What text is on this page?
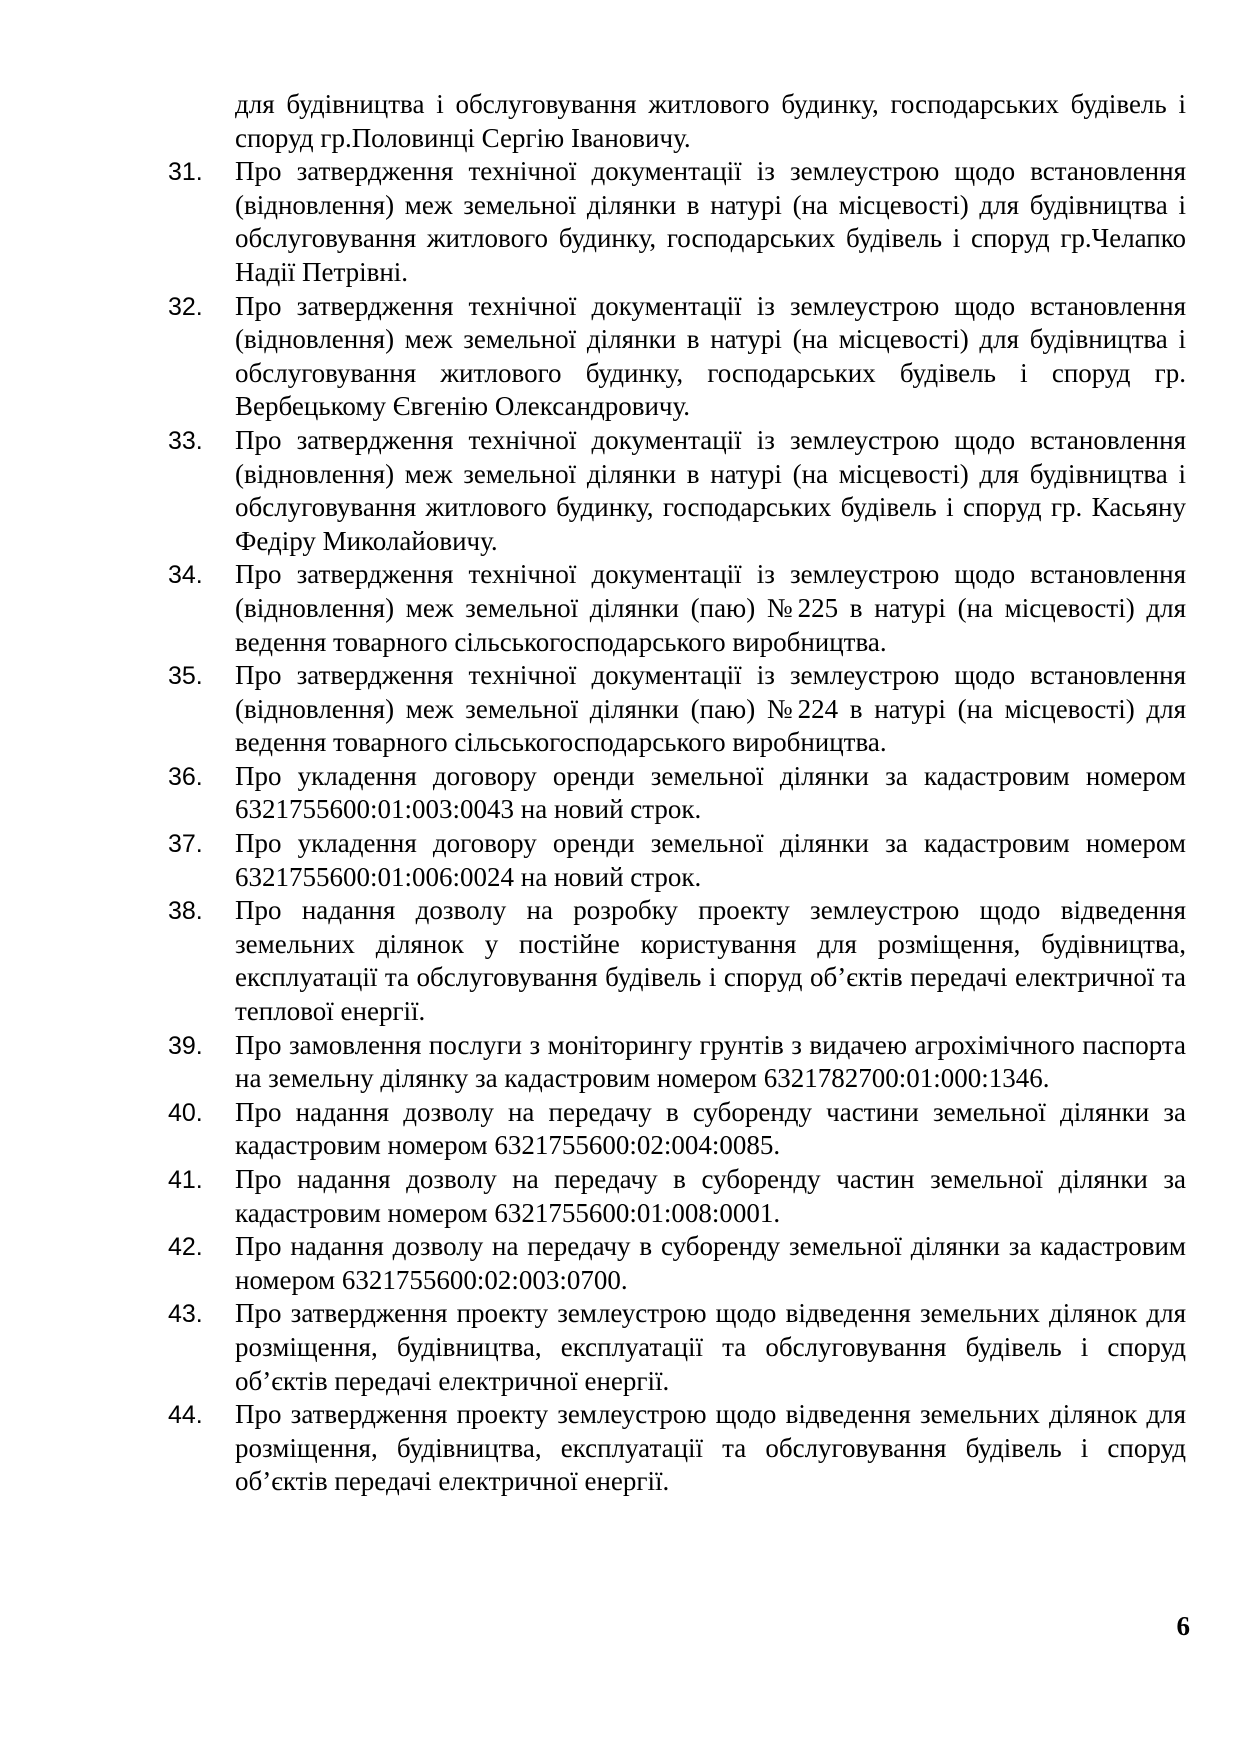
для будівництва і обслуговування житлового будинку, господарських будівель і споруд гр.Половинці Сергію Івановичу.
31.	Про затвердження технічної документації із землеустрою щодо встановлення (відновлення) меж земельної ділянки в натурі (на місцевості) для будівництва і обслуговування житлового будинку, господарських будівель і споруд гр.Челапко Надії Петрівні.
32.	Про затвердження технічної документації із землеустрою щодо встановлення (відновлення) меж земельної ділянки в натурі (на місцевості) для будівництва і обслуговування житлового будинку, господарських будівель і споруд гр. Вербецькому Євгенію Олександровичу.
33.	Про затвердження технічної документації із землеустрою щодо встановлення (відновлення) меж земельної ділянки в натурі (на місцевості) для будівництва і обслуговування житлового будинку, господарських будівель і споруд гр. Касьяну Федіру Миколайовичу.
34.	Про затвердження технічної документації із землеустрою щодо встановлення (відновлення) меж земельної ділянки (паю) №225 в натурі (на місцевості) для ведення товарного сільськогосподарського виробництва.
35.	Про затвердження технічної документації із землеустрою щодо встановлення (відновлення) меж земельної ділянки (паю) №224 в натурі (на місцевості) для ведення товарного сільськогосподарського виробництва.
36.	Про укладення договору оренди земельної ділянки за кадастровим номером 6321755600:01:003:0043 на новий строк.
37.	Про укладення договору оренди земельної ділянки за кадастровим номером 6321755600:01:006:0024 на новий строк.
38.	Про надання дозволу на розробку проекту землеустрою щодо відведення земельних ділянок у постійне користування для розміщення, будівництва, експлуатації та обслуговування будівель і споруд об’єктів передачі електричної та теплової енергії.
39.	Про замовлення послуги з моніторингу грунтів з видачею агрохімічного паспорта на земельну ділянку за кадастровим номером 6321782700:01:000:1346.
40.	Про надання дозволу на передачу в суборенду частини земельної ділянки за кадастровим номером 6321755600:02:004:0085.
41.	Про надання дозволу на передачу в суборенду частин земельної ділянки за кадастровим номером 6321755600:01:008:0001.
42.	Про надання дозволу на передачу в суборенду земельної ділянки за кадастровим номером 6321755600:02:003:0700.
43.	Про затвердження проекту землеустрою щодо відведення земельних ділянок для розміщення, будівництва, експлуатації та обслуговування будівель і споруд об’єктів передачі електричної енергії.
44.	Про затвердження проекту землеустрою щодо відведення земельних ділянок для розміщення, будівництва, експлуатації та обслуговування будівель і споруд об’єктів передачі електричної енергії.
6
